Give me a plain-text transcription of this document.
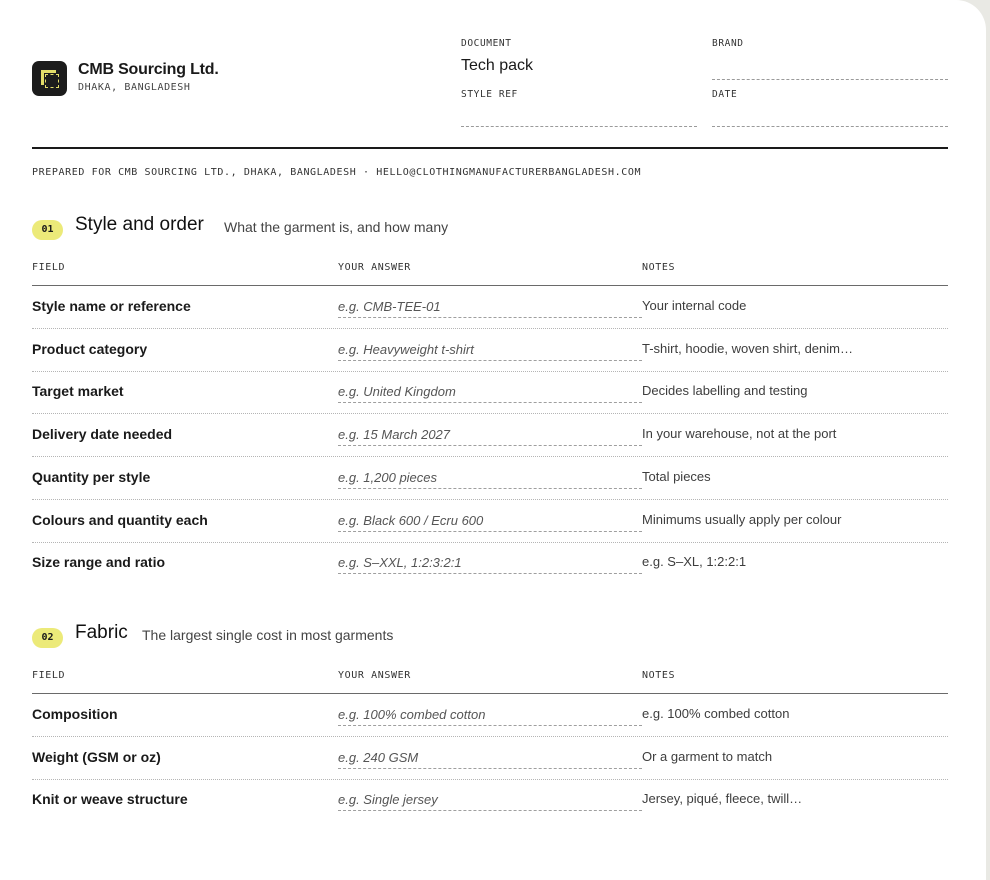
CMB Sourcing Ltd.
DHAKA, BANGLADESH
DOCUMENT
Tech pack
BRAND
STYLE REF	DATE
PREPARED FOR CMB SOURCING LTD., DHAKA, BANGLADESH · HELLO@CLOTHINGMANUFACTURERBANGLADESH.COM
01	Style and order What the garment is, and how many
FIELD	YOUR ANSWER	NOTES
Style name or reference	e.g. CMB-TEE-01	Your internal code
Product category	e.g. Heavyweight t-shirt	T-shirt, hoodie, woven shirt, denim…
Target market	e.g. United Kingdom	Decides labelling and testing
Delivery date needed	e.g. 15 March 2027	In your warehouse, not at the port
Quantity per style	e.g. 1,200 pieces	Total pieces
Colours and quantity each	e.g. Black 600 / Ecru 600	Minimums usually apply per colour
Size range and ratio	e.g. S–XXL, 1:2:3:2:1	e.g. S–XL, 1:2:2:1
02	Fabric The largest single cost in most garments
FIELD	YOUR ANSWER	NOTES
Composition	e.g. 100% combed cotton	e.g. 100% combed cotton
Weight (GSM or oz)	e.g. 240 GSM	Or a garment to match
Knit or weave structure	e.g. Single jersey	Jersey, piqué, fleece, twill…
